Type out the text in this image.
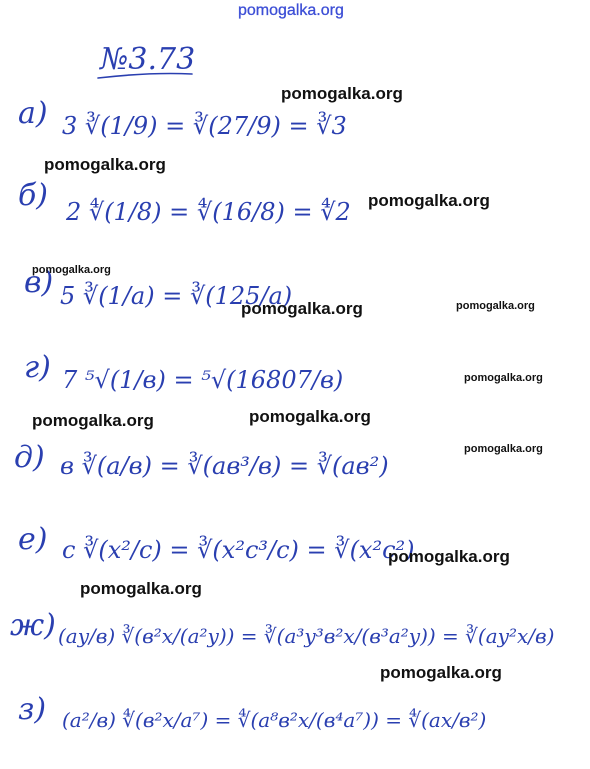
pomogalka.org
№3.73
а)
б)
в)
г)
д)
е)
ж)
з)
3 ∛(1/9) = ∛(27/9) = ∛3
2 ∜(1/8) = ∜(16/8) = ∜2
5 ∛(1/a) = ∛(125/a)
7 ⁵√(1/в) = ⁵√(16807/в)
в ∛(a/в) = ∛(aв³/в) = ∛(aв²)
c ∛(x²/c) = ∛(x²c³/c) = ∛(x²c²)
(ay/в) ∛(в²x/(a²y)) = ∛(a³y³в²x/(в³a²y)) = ∛(ay²x/в)
(a²/в) ∜(в²x/a⁷) = ∜(a⁸в²x/(в⁴a⁷)) = ∜(ax/в²)
pomogalka.org
pomogalka.org
pomogalka.org
pomogalka.org
pomogalka.org	pomogalka.org
pomogalka.org
pomogalka.org	pomogalka.org
pomogalka.org
pomogalka.org
pomogalka.org
pomogalka.org
